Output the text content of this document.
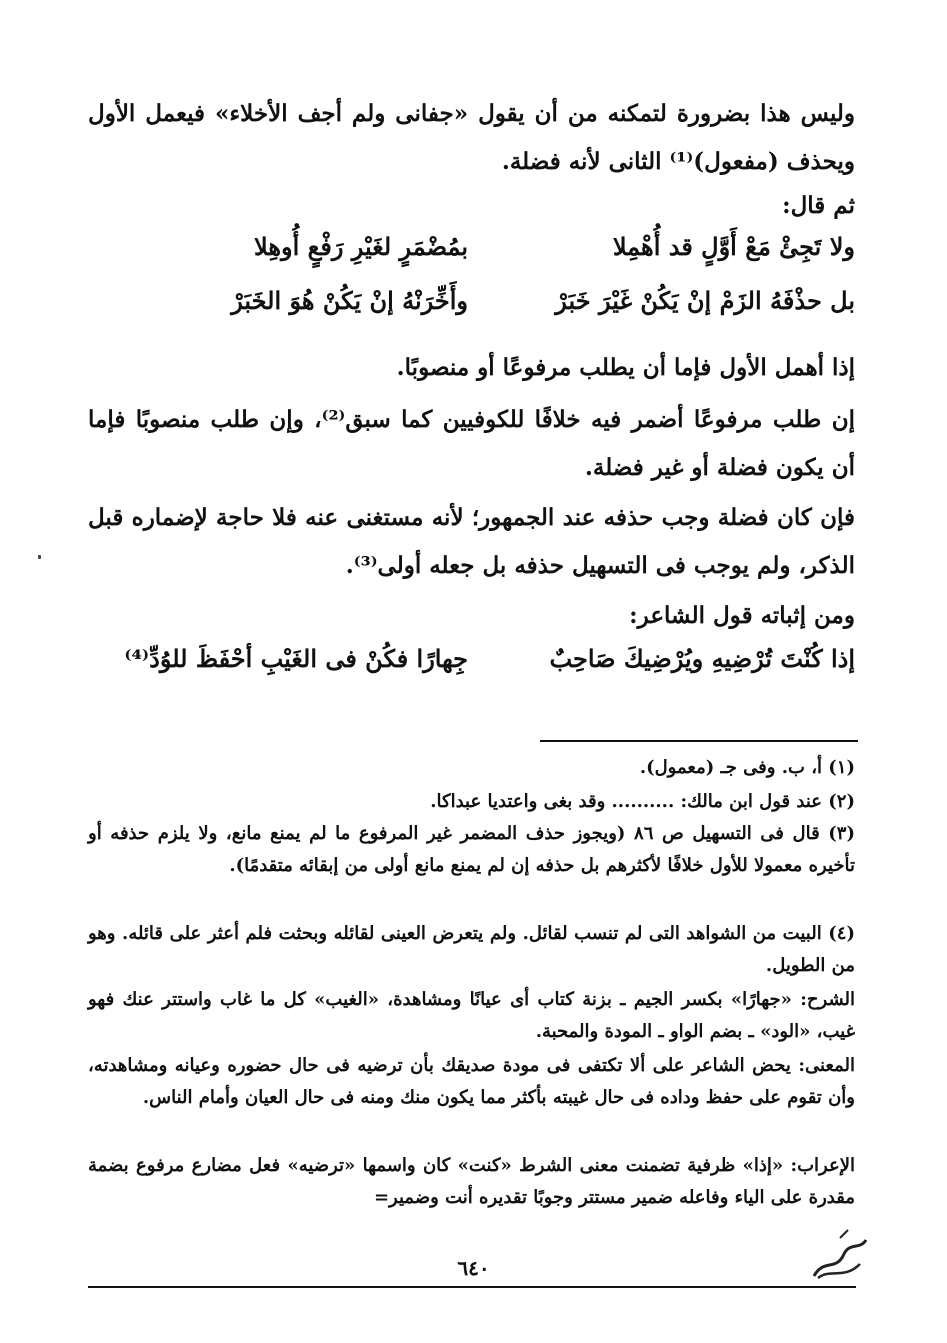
وليس هذا بضرورة لتمكنه من أن يقول «جفانى ولم أجف الأخلاء» فيعمل الأول ويحذف (مفعول)⁽¹⁾ الثانى لأنه فضلة.
ثم قال:
ولا تَجِئْ مَعْ أَوَّلٍ قد أُهْمِلا
بمُضْمَرٍ لغَيْرِ رَفْعٍ أُوهِلا
بل حذْفَهُ الزَمْ إنْ يَكُنْ غَيْرَ خَبَرْ
وأَخِّرَنْهُ إنْ يَكُنْ هُوَ الخَبَرْ
إذا أهمل الأول فإما أن يطلب مرفوعًا أو منصوبًا.
إن طلب مرفوعًا أضمر فيه خلافًا للكوفيين كما سبق⁽²⁾، وإن طلب منصوبًا فإما أن يكون فضلة أو غير فضلة.
فإن كان فضلة وجب حذفه عند الجمهور؛ لأنه مستغنى عنه فلا حاجة لإضماره قبل الذكر، ولم يوجب فى التسهيل حذفه بل جعله أولى⁽³⁾.
ومن إثباته قول الشاعر:
إذا كُنْتَ تُرْضِيهِ ويُرْضِيكَ صَاحِبٌ
جِهارًا فكُنْ فى الغَيْبِ أحْفَظَ للوُدِّ⁽⁴⁾
(١) أ، ب. وفى جـ (معمول).
(٢) عند قول ابن مالك: .......... وقد بغى واعتديا عبداكا.
(٣) قال فى التسهيل ص ٨٦ (ويجوز حذف المضمر غير المرفوع ما لم يمنع مانع، ولا يلزم حذفه أو تأخيره معمولا للأول خلافًا لأكثرهم بل حذفه إن لم يمنع مانع أولى من إبقائه متقدمًا).
(٤) البيت من الشواهد التى لم تنسب لقائل. ولم يتعرض العينى لقائله وبحثت فلم أعثر على قائله. وهو من الطويل.
الشرح: «جهارًا» بكسر الجيم ـ بزنة كتاب أى عيانًا ومشاهدة، «الغيب» كل ما غاب واستتر عنك فهو غيب، «الود» ـ بضم الواو ـ المودة والمحبة.
المعنى: يحض الشاعر على ألا تكتفى فى مودة صديقك بأن ترضيه فى حال حضوره وعيانه ومشاهدته، وأن تقوم على حفظ وداده فى حال غيبته بأكثر مما يكون منك ومنه فى حال العيان وأمام الناس.
الإعراب: «إذا» ظرفية تضمنت معنى الشرط «كنت» كان واسمها «ترضيه» فعل مضارع مرفوع بضمة مقدرة على الياء وفاعله ضمير مستتر وجوبًا تقديره أنت وضمير=
٦٤٠
